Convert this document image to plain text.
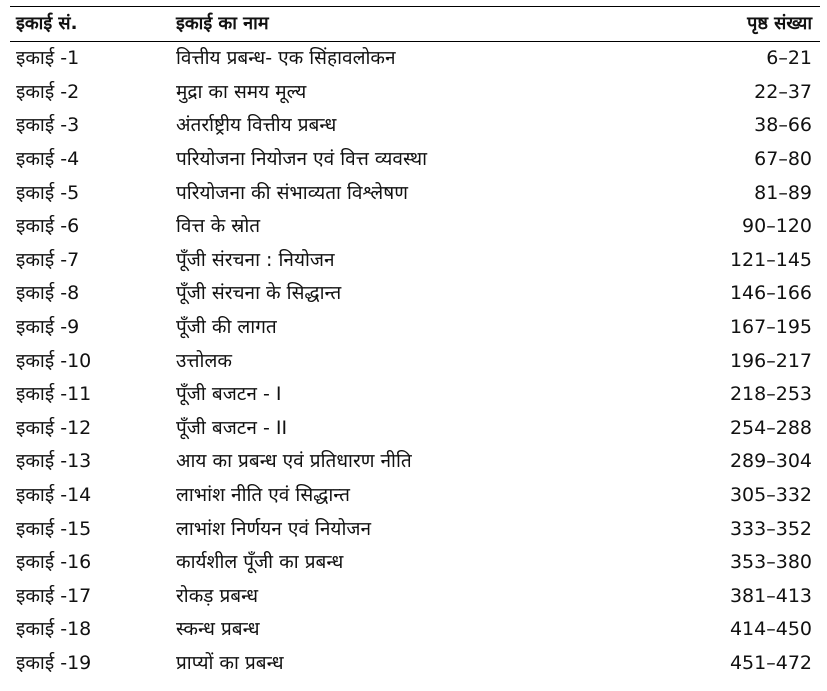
इकाई सं.	इकाई का नाम	पृष्ठ संख्या
इकाई -1	वित्तीय प्रबन्ध- एक सिंहावलोकन	6–21
इकाई -2	मुद्रा का समय मूल्य	22–37
इकाई -3	अंतर्राष्ट्रीय वित्तीय प्रबन्ध	38–66
इकाई -4	परियोजना नियोजन एवं वित्त व्यवस्था	67–80
इकाई -5	परियोजना की संभाव्यता विश्लेषण	81–89
इकाई -6	वित्त के स्रोत	90–120
इकाई -7	पूँजी संरचना : नियोजन	121–145
इकाई -8	पूँजी संरचना के सिद्धान्त	146–166
इकाई -9	पूँजी की लागत	167–195
इकाई -10	उत्तोलक	196–217
इकाई -11	पूँजी बजटन - I	218–253
इकाई -12	पूँजी बजटन - II	254–288
इकाई -13	आय का प्रबन्ध एवं प्रतिधारण नीति	289–304
इकाई -14	लाभांश नीति एवं सिद्धान्त	305–332
इकाई -15	लाभांश निर्णयन एवं नियोजन	333–352
इकाई -16	कार्यशील पूँजी का प्रबन्ध	353–380
इकाई -17	रोकड़ प्रबन्ध	381–413
इकाई -18	स्कन्ध प्रबन्ध	414–450
इकाई -19	प्राप्यों का प्रबन्ध	451–472
